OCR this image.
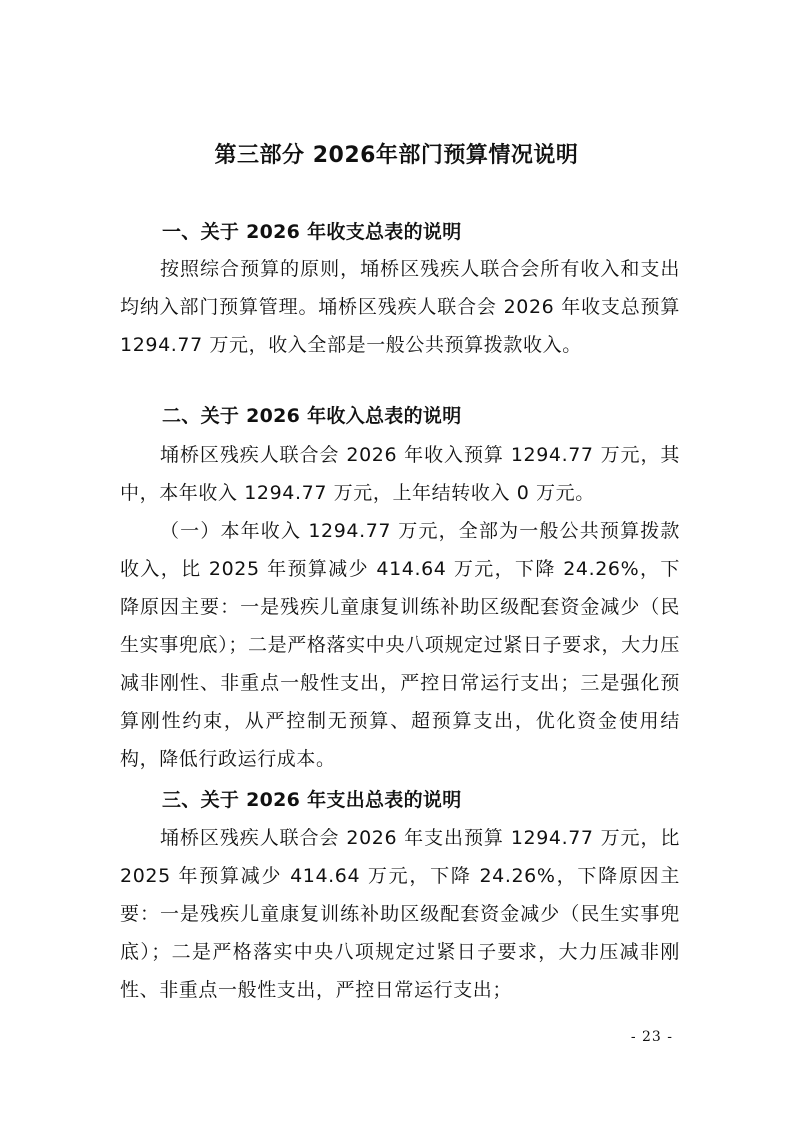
第三部分 2026年部门预算情况说明
一、关于 2026 年收支总表的说明

按照综合预算的原则，埇桥区残疾人联合会所有收入和支出均纳入部门预算管理。埇桥区残疾人联合会 2026 年收支总预算 1294.77 万元，收入全部是一般公共预算拨款收入。

二、关于 2026 年收入总表的说明

埇桥区残疾人联合会 2026 年收入预算 1294.77 万元，其中，本年收入 1294.77 万元，上年结转收入 0 万元。

（一）本年收入 1294.77 万元，全部为一般公共预算拨款收入，比 2025 年预算减少 414.64 万元，下降 24.26%，下降原因主要：一是残疾儿童康复训练补助区级配套资金减少（民生实事兜底）；二是严格落实中央八项规定过紧日子要求，大力压减非刚性、非重点一般性支出，严控日常运行支出；三是强化预算刚性约束，从严控制无预算、超预算支出，优化资金使用结构，降低行政运行成本。

三、关于 2026 年支出总表的说明

埇桥区残疾人联合会 2026 年支出预算 1294.77 万元，比 2025 年预算减少 414.64 万元，下降 24.26%，下降原因主要：一是残疾儿童康复训练补助区级配套资金减少（民生实事兜底）；二是严格落实中央八项规定过紧日子要求，大力压减非刚性、非重点一般性支出，严控日常运行支出；

- 23 -
